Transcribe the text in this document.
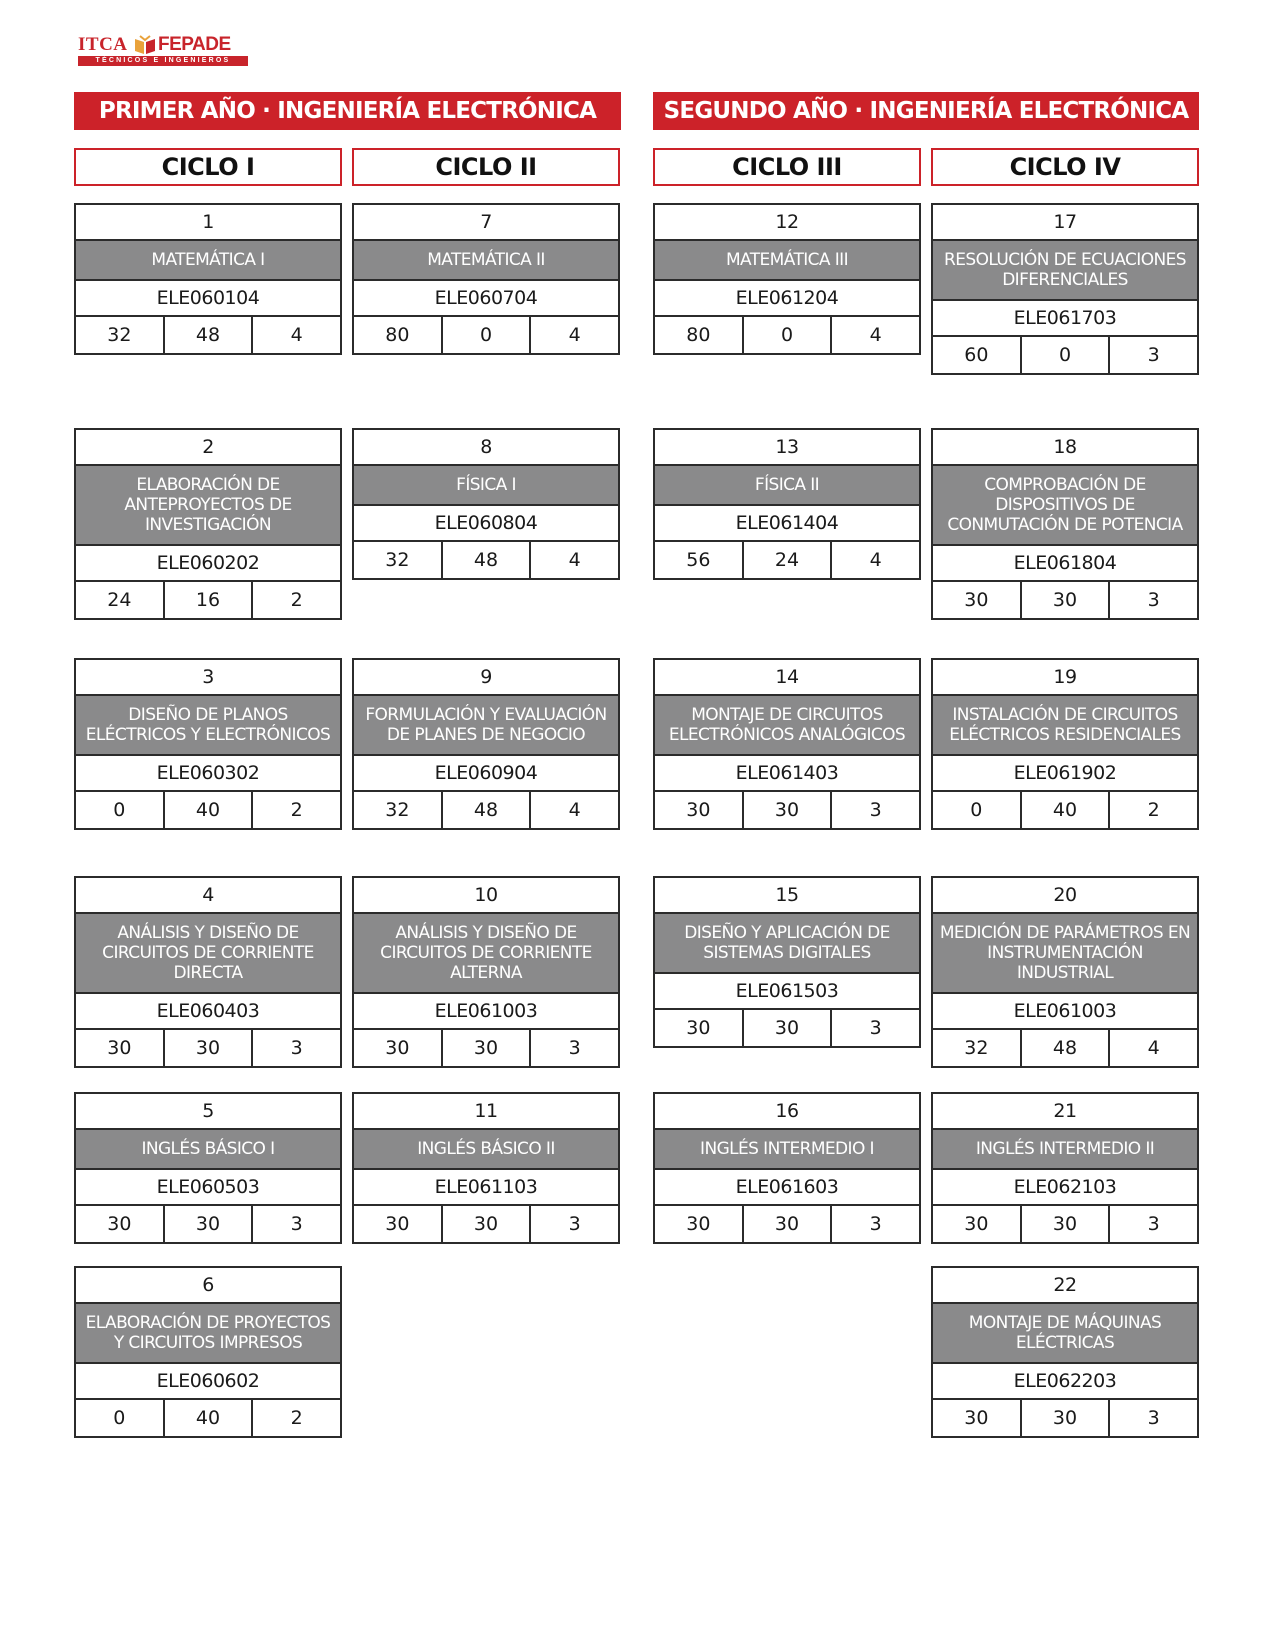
ITCA FEPADE
TÉCNICOS E INGENIEROS
PRIMER AÑO · INGENIERÍA ELECTRÓNICA	SEGUNDO AÑO · INGENIERÍA ELECTRÓNICA
CICLO I	CICLO II	CICLO III	CICLO IV
1
MATEMÁTICA I
ELE060104
32	48	4
2
ELABORACIÓN DE ANTEPROYECTOS DE INVESTIGACIÓN
ELE060202
24	16	2
3
DISEÑO DE PLANOS ELÉCTRICOS Y ELECTRÓNICOS
ELE060302
0	40	2
4
ANÁLISIS Y DISEÑO DE CIRCUITOS DE CORRIENTE DIRECTA
ELE060403
30	30	3
5
INGLÉS BÁSICO I
ELE060503
30	30	3
6
ELABORACIÓN DE PROYECTOS Y CIRCUITOS IMPRESOS
ELE060602
0	40	2
7
MATEMÁTICA II
ELE060704
80	0	4
8
FÍSICA I
ELE060804
32	48	4
9
FORMULACIÓN Y EVALUACIÓN DE PLANES DE NEGOCIO
ELE060904
32	48	4
10
ANÁLISIS Y DISEÑO DE CIRCUITOS DE CORRIENTE ALTERNA
ELE061003
30	30	3
11
INGLÉS BÁSICO II
ELE061103
30	30	3
12
MATEMÁTICA III
ELE061204
80	0	4
13
FÍSICA II
ELE061404
56	24	4
14
MONTAJE DE CIRCUITOS ELECTRÓNICOS ANALÓGICOS
ELE061403
30	30	3
15
DISEÑO Y APLICACIÓN DE SISTEMAS DIGITALES
ELE061503
30	30	3
16
INGLÉS INTERMEDIO I
ELE061603
30	30	3
17
RESOLUCIÓN DE ECUACIONES DIFERENCIALES
ELE061703
60	0	3
18
COMPROBACIÓN DE DISPOSITIVOS DE CONMUTACIÓN DE POTENCIA
ELE061804
30	30	3
19
INSTALACIÓN DE CIRCUITOS ELÉCTRICOS RESIDENCIALES
ELE061902
0	40	2
20
MEDICIÓN DE PARÁMETROS EN INSTRUMENTACIÓN INDUSTRIAL
ELE061003
32	48	4
21
INGLÉS INTERMEDIO II
ELE062103
30	30	3
22
MONTAJE DE MÁQUINAS ELÉCTRICAS
ELE062203
30	30	3
